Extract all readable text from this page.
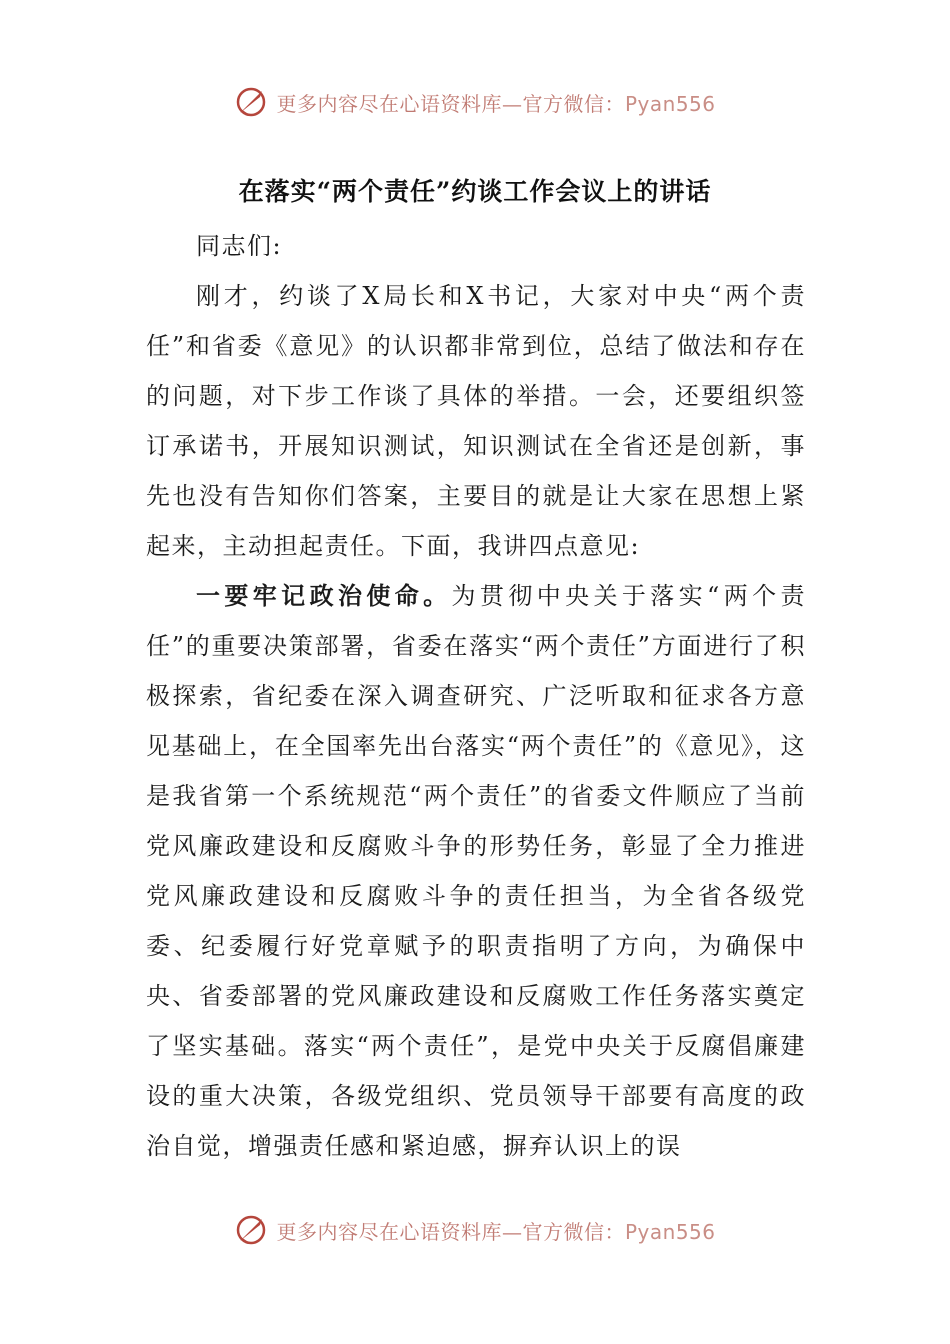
更多内容尽在心语资料库—官方微信：Pyan556
在落实“两个责任”约谈工作会议上的讲话

同志们:

刚才，约谈了X局长和X书记，大家对中央“两个责任”和省委《意见》的认识都非常到位，总结了做法和存在的问题，对下步工作谈了具体的举措。一会，还要组织签订承诺书，开展知识测试，知识测试在全省还是创新，事先也没有告知你们答案，主要目的就是让大家在思想上紧起来，主动担起责任。下面，我讲四点意见:

一要牢记政治使命。为贯彻中央关于落实“两个责任”的重要决策部署，省委在落实“两个责任”方面进行了积极探索，省纪委在深入调查研究、广泛听取和征求各方意见基础上，在全国率先出台落实“两个责任”的《意见》，这是我省第一个系统规范“两个责任”的省委文件顺应了当前党风廉政建设和反腐败斗争的形势任务，彰显了全力推进党风廉政建设和反腐败斗争的责任担当，为全省各级党委、纪委履行好党章赋予的职责指明了方向，为确保中央、省委部署的党风廉政建设和反腐败工作任务落实奠定了坚实基础。落实“两个责任”，是党中央关于反腐倡廉建设的重大决策，各级党组织、党员领导干部要有高度的政治自觉，增强责任感和紧迫感，摒弃认识上的误

更多内容尽在心语资料库—官方微信：Pyan556
